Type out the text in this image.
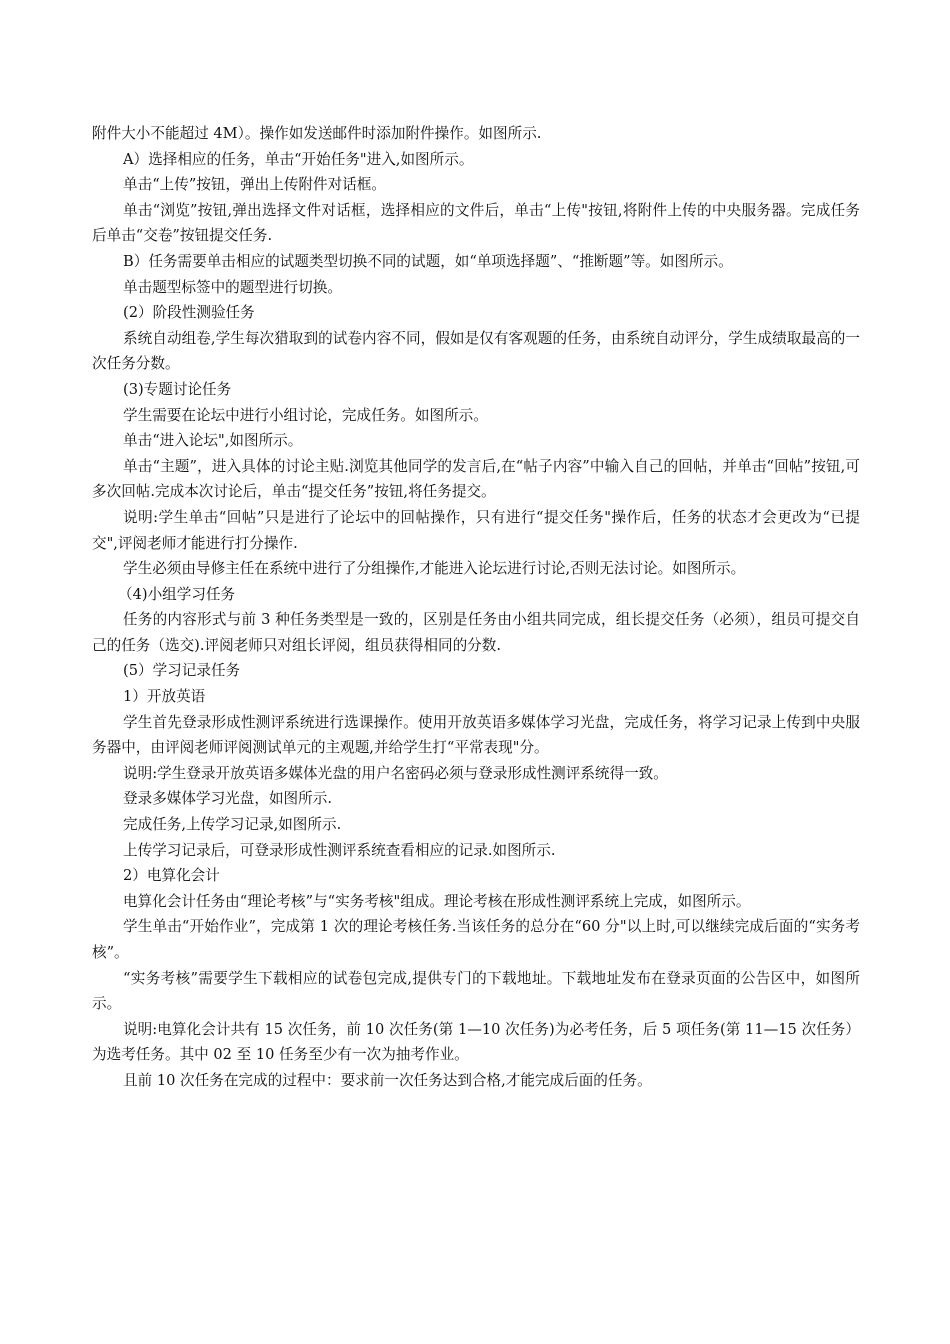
附件大小不能超过 4M）。操作如发送邮件时添加附件操作。如图所示.

A）选择相应的任务，单击“开始任务"进入,如图所示。

单击“上传”按钮，弹出上传附件对话框。

单击“浏览”按钮,弹出选择文件对话框，选择相应的文件后，单击“上传"按钮,将附件上传的中央服务器。完成任务后单击“交卷”按钮提交任务.

B）任务需要单击相应的试题类型切换不同的试题，如“单项选择题”、“推断题”等。如图所示。

单击题型标签中的题型进行切换。

(2）阶段性测验任务

系统自动组卷,学生每次猎取到的试卷内容不同，假如是仅有客观题的任务，由系统自动评分，学生成绩取最高的一次任务分数。

(3)专题讨论任务

学生需要在论坛中进行小组讨论，完成任务。如图所示。

单击“进入论坛",如图所示。

单击“主题”，进入具体的讨论主贴.浏览其他同学的发言后,在“帖子内容”中输入自己的回帖，并单击“回帖”按钮,可多次回帖.完成本次讨论后，单击“提交任务”按钮,将任务提交。

说明:学生单击“回帖”只是进行了论坛中的回帖操作，只有进行“提交任务"操作后，任务的状态才会更改为“已提交",评阅老师才能进行打分操作.

学生必须由导修主任在系统中进行了分组操作,才能进入论坛进行讨论,否则无法讨论。如图所示。

（4)小组学习任务

任务的内容形式与前 3 种任务类型是一致的，区别是任务由小组共同完成，组长提交任务（必须），组员可提交自己的任务（选交).评阅老师只对组长评阅，组员获得相同的分数.

(5）学习记录任务

1）开放英语

学生首先登录形成性测评系统进行选课操作。使用开放英语多媒体学习光盘，完成任务，将学习记录上传到中央服务器中，由评阅老师评阅测试单元的主观题,并给学生打“平常表现"分。

说明:学生登录开放英语多媒体光盘的用户名密码必须与登录形成性测评系统得一致。

登录多媒体学习光盘，如图所示.

完成任务,上传学习记录,如图所示.

上传学习记录后，可登录形成性测评系统查看相应的记录.如图所示.

2）电算化会计

电算化会计任务由“理论考核”与“实务考核"组成。理论考核在形成性测评系统上完成，如图所示。

学生单击“开始作业”，完成第 1 次的理论考核任务.当该任务的总分在“60 分"以上时,可以继续完成后面的“实务考核”。

“实务考核”需要学生下载相应的试卷包完成,提供专门的下载地址。下载地址发布在登录页面的公告区中，如图所示。

说明:电算化会计共有 15 次任务，前 10 次任务(第 1—10 次任务)为必考任务，后 5 项任务(第 11—15 次任务）为选考任务。其中 02 至 10 任务至少有一次为抽考作业。

且前 10 次任务在完成的过程中：要求前一次任务达到合格,才能完成后面的任务。
